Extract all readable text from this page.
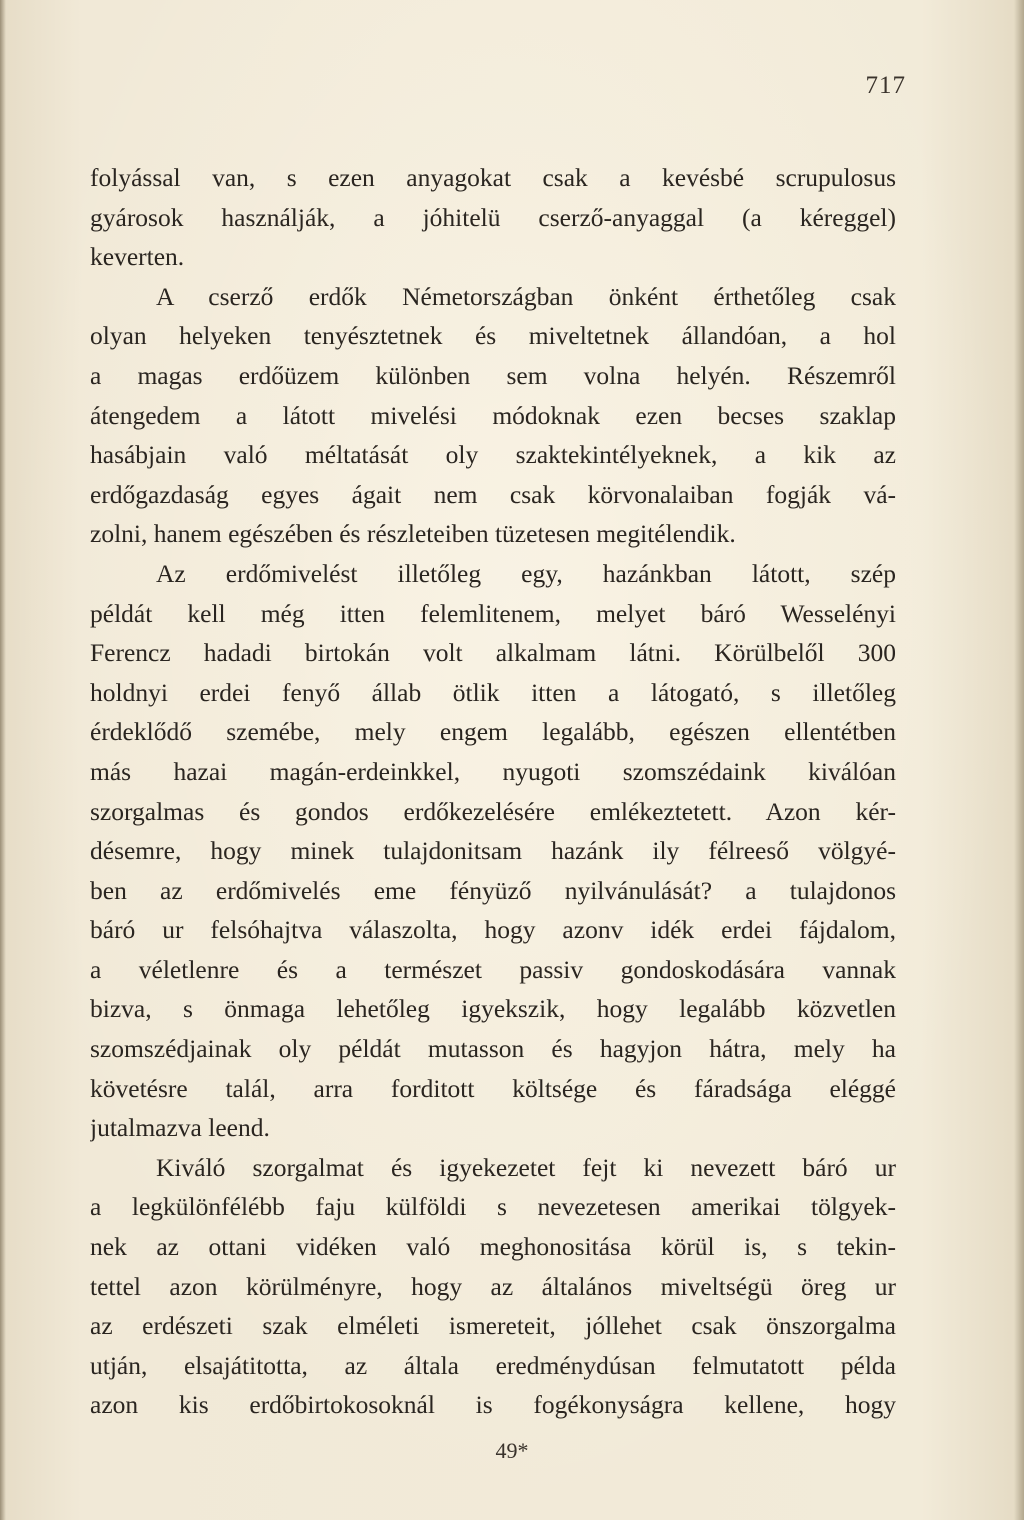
717
folyással van, s ezen anyagokat csak a kevésbé scrupulosus
gyárosok használják, a jóhitelü cserző-anyaggal (a kéreggel)
keverten.
A cserző erdők Németországban önként érthetőleg csak
olyan helyeken tenyésztetnek és miveltetnek állandóan, a hol
a magas erdőüzem különben sem volna helyén. Részemről
átengedem a látott mivelési módoknak ezen becses szaklap
hasábjain való méltatását oly szaktekintélyeknek, a kik az
erdőgazdaság egyes ágait nem csak körvonalaiban fogják vá-
zolni, hanem egészében és részleteiben tüzetesen megitélendik.
Az erdőmivelést illetőleg egy, hazánkban látott, szép
példát kell még itten felemlitenem, melyet báró Wesselényi
Ferencz hadadi birtokán volt alkalmam látni. Körülbelől 300
holdnyi erdei fenyő állab ötlik itten a látogató, s illetőleg
érdeklődő szemébe, mely engem legalább, egészen ellentétben
más hazai magán-erdeinkkel, nyugoti szomszédaink kiválóan
szorgalmas és gondos erdőkezelésére emlékeztetett. Azon kér-
désemre, hogy minek tulajdonitsam hazánk ily félreeső völgyé-
ben az erdőmivelés eme fényüző nyilvánulását? a tulajdonos
báró ur felsóhajtva válaszolta, hogy azonv idék erdei fájdalom,
a véletlenre és a természet passiv gondoskodására vannak
bizva, s önmaga lehetőleg igyekszik, hogy legalább közvetlen
szomszédjainak oly példát mutasson és hagyjon hátra, mely ha
követésre talál, arra forditott költsége és fáradsága eléggé
jutalmazva leend.
Kiváló szorgalmat és igyekezetet fejt ki nevezett báró ur
a legkülönfélébb faju külföldi s nevezetesen amerikai tölgyek-
nek az ottani vidéken való meghonositása körül is, s tekin-
tettel azon körülményre, hogy az általános miveltségü öreg ur
az erdészeti szak elméleti ismereteit, jóllehet csak önszorgalma
utján, elsajátitotta, az általa eredménydúsan felmutatott példa
azon kis erdőbirtokosoknál is fogékonyságra kellene, hogy
49*
